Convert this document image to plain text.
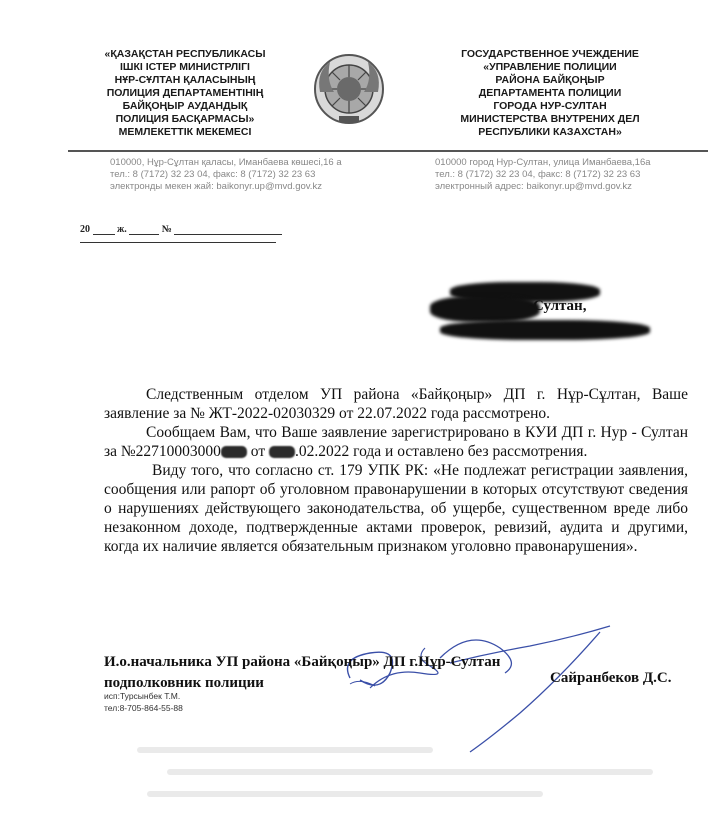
«ҚАЗАҚСТАН РЕСПУБЛИКАСЫ
ІШКІ ІСТЕР МИНИСТРЛІГІ
НҰР-СҰЛТАН ҚАЛАСЫНЫҢ
ПОЛИЦИЯ ДЕПАРТАМЕНТІНІҢ
БАЙҚОҢЫР АУДАНДЫҚ
ПОЛИЦИЯ БАСҚАРМАСЫ»
МЕМЛЕКЕТТІК МЕКЕМЕСІ
ГОСУДАРСТВЕННОЕ УЧЕЖДЕНИЕ
«УПРАВЛЕНИЕ ПОЛИЦИИ
РАЙОНА БАЙҚОҢЫР
ДЕПАРТАМЕНТА ПОЛИЦИИ
ГОРОДА НУР-СУЛТАН
МИНИСТЕРСТВА ВНУТРЕНИХ ДЕЛ
РЕСПУБЛИКИ КАЗАХСТАН»
010000, Нұр-Сұлтан қаласы, Иманбаева көшесі,16 а
тел.: 8 (7172) 32 23 04, факс: 8 (7172) 32 23 63
электронды мекен жай: baikonyr.up@mvd.gov.kz
010000 город Нур-Султан, улица Иманбаева,16а
тел.: 8 (7172) 32 23 04, факс: 8 (7172) 32 23 63
электронный адрес: baikonyr.up@mvd.gov.kz
20	ж.	№
-Султан,

Следственным отделом УП района «Байқоңыр» ДП г. Нұр-Сұлтан, Ваше заявление за № ЖТ-2022-02030329 от 22.07.2022 года рассмотрено.

Сообщаем Вам, что Ваше заявление зарегистрировано в КУИ ДП г. Нур - Султан за №22710003000 от .02.2022 года и оставлено без рассмотрения.

Виду того, что согласно ст. 179 УПК РК: «Не подлежат регистрации заявления, сообщения или рапорт об уголовном правонарушении в которых отсутствуют сведения о нарушениях действующего законодательства, об ущербе, существенном вреде либо незаконном доходе, подтвержденные актами проверок, ревизий, аудита и другими, когда их наличие является обязательным признаком уголовно правонарушения».

И.о.начальника УП района «Байқоңыр» ДП г.Нұр-Султан
подполковник полиции	Сайранбеков Д.С.
исп:Турсынбек Т.М.
тел:8-705-864-55-88
